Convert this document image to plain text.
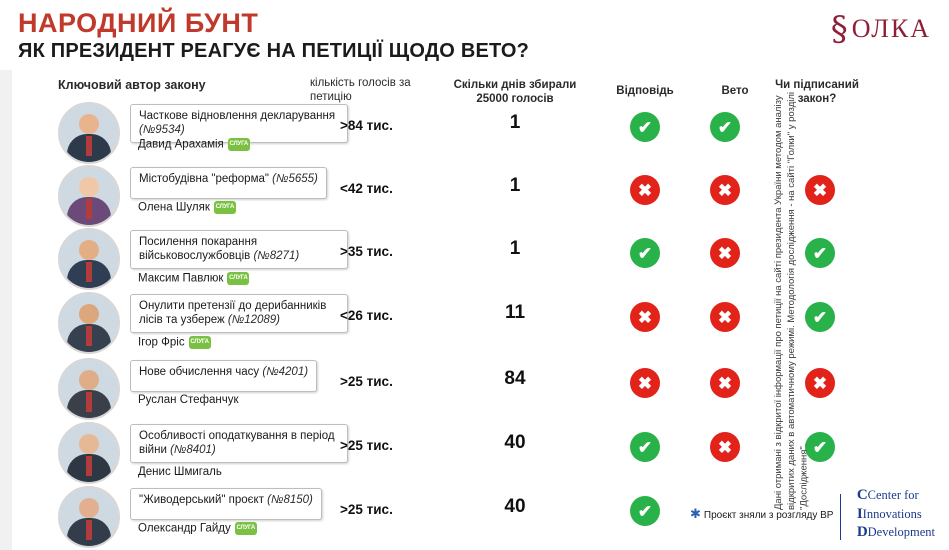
НАРОДНИЙ БУНТ
ЯК ПРЕЗИДЕНТ РЕАГУЄ НА ПЕТИЦІЇ ЩОДО ВЕТО?
§ ОЛКА
Ключовий автор закону	кількість голосів за петицію
Скільки днів збирали 25000 голосів
Відповідь	Вето	Чи підписаний закон?
Часткове відновлення декларування (№9534)
Давид Арахамія СЛУГА
>84 тис.	1	✔	✔
Містобудівна "реформа" (№5655)
Олена Шуляк СЛУГА
<42 тис.	1	✖	✖	✖
Посилення покарання військовослужбовців (№8271)
Максим Павлюк СЛУГА
>35 тис.	1	✔	✖	✔
Онулити претензії до дерибанників лісів та узбереж (№12089)
Ігор Фріс СЛУГА
<26 тис.	11	✖	✖	✔
Нове обчислення часу (№4201)
Руслан Стефанчук
>25 тис.	84	✖	✖	✖
Особливості оподаткування в період війни (№8401)
Денис Шмигаль
>25 тис.	40	✔	✖	✔
"Живодерський" проєкт (№8150)
Олександр Гайду СЛУГА
>25 тис.	40	✔	✱ Проєкт зняли з розгляду ВР
Дані отримані з відкритої інформації про петиції на сайті президента України методом аналізу відкритих даних в автоматичному режимі. Методологія дослідження - на сайті "Голки" у розділі "Дослідження".	CCenter for
IInnovations
DDevelopment
